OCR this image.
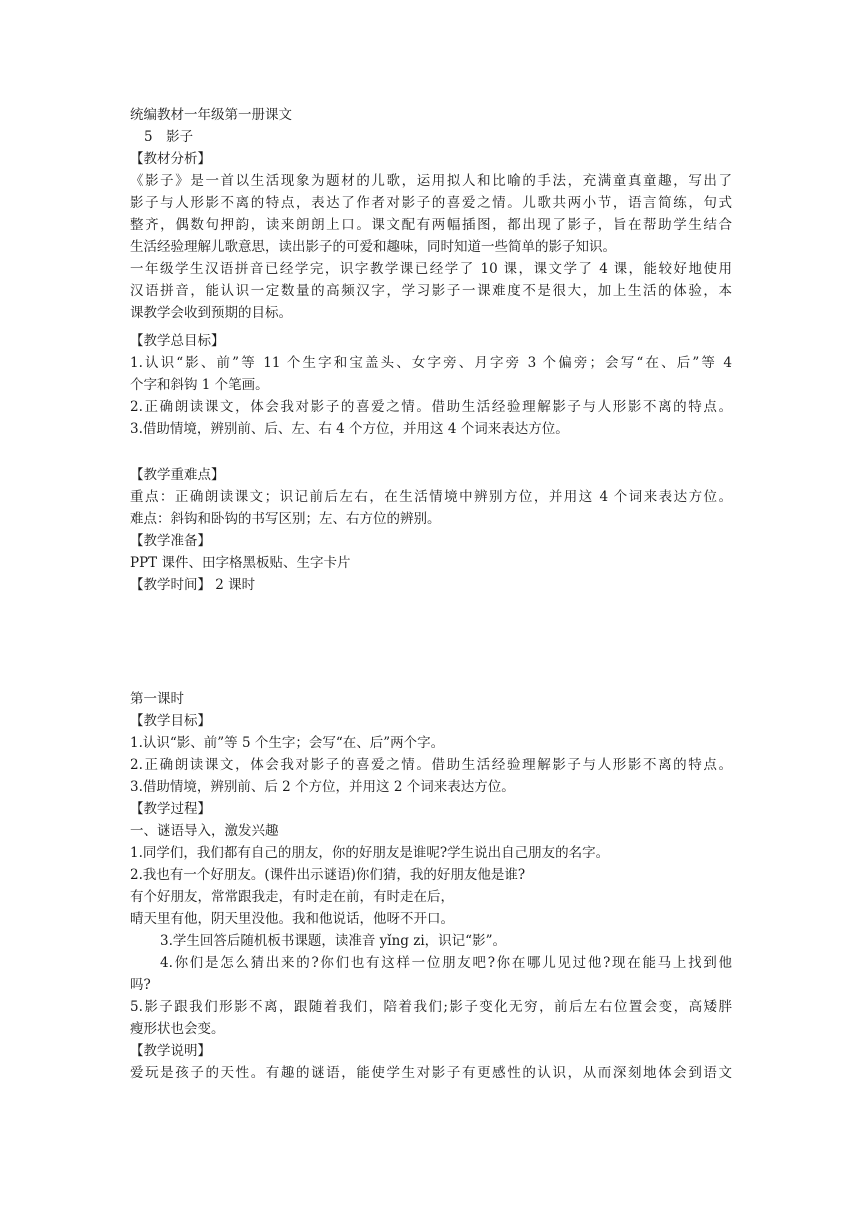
统编教材一年级第一册课文
5　影子
【教材分析】
《影子》是一首以生活现象为题材的儿歌，运用拟人和比喻的手法，充满童真童趣，写出了
影子与人形影不离的特点，表达了作者对影子的喜爱之情。儿歌共两小节，语言简练，句式
整齐，偶数句押韵，读来朗朗上口。课文配有两幅插图，都出现了影子，旨在帮助学生结合
生活经验理解儿歌意思，读出影子的可爱和趣味，同时知道一些简单的影子知识。
一年级学生汉语拼音已经学完，识字教学课已经学了 10 课，课文学了 4 课，能较好地使用
汉语拼音，能认识一定数量的高频汉字，学习影子一课难度不是很大，加上生活的体验，本
课教学会收到预期的目标。
【教学总目标】
1.认识“影、前”等 11 个生字和宝盖头、女字旁、月字旁 3 个偏旁；会写“在、后”等 4
个字和斜钩 1 个笔画。
2.正确朗读课文，体会我对影子的喜爱之情。借助生活经验理解影子与人形影不离的特点。
3.借助情境，辨别前、后、左、右 4 个方位，并用这 4 个词来表达方位。
【教学重难点】
重点：正确朗读课文；识记前后左右，在生活情境中辨别方位，并用这 4 个词来表达方位。
难点：斜钩和卧钩的书写区别；左、右方位的辨别。
【教学准备】
PPT 课件、田字格黑板贴、生字卡片
【教学时间】 2 课时
第一课时
【教学目标】
1.认识“影、前”等 5 个生字；会写“在、后”两个字。
2.正确朗读课文，体会我对影子的喜爱之情。借助生活经验理解影子与人形影不离的特点。
3.借助情境，辨别前、后 2 个方位，并用这 2 个词来表达方位。
【教学过程】
一、谜语导入，激发兴趣
1.同学们，我们都有自己的朋友，你的好朋友是谁呢?学生说出自己朋友的名字。
2.我也有一个好朋友。(课件出示谜语)你们猜，我的好朋友他是谁?
有个好朋友，常常跟我走，有时走在前，有时走在后，
晴天里有他，阴天里没他。我和他说话，他呀不开口。
3.学生回答后随机板书课题，读准音 yǐng zi，识记“影”。
4.你们是怎么猜出来的?你们也有这样一位朋友吧?你在哪儿见过他?现在能马上找到他
吗?
5.影子跟我们形影不离，跟随着我们，陪着我们;影子变化无穷，前后左右位置会变，高矮胖
瘦形状也会变。
【教学说明】
爱玩是孩子的天性。有趣的谜语，能使学生对影子有更感性的认识，从而深刻地体会到语文
